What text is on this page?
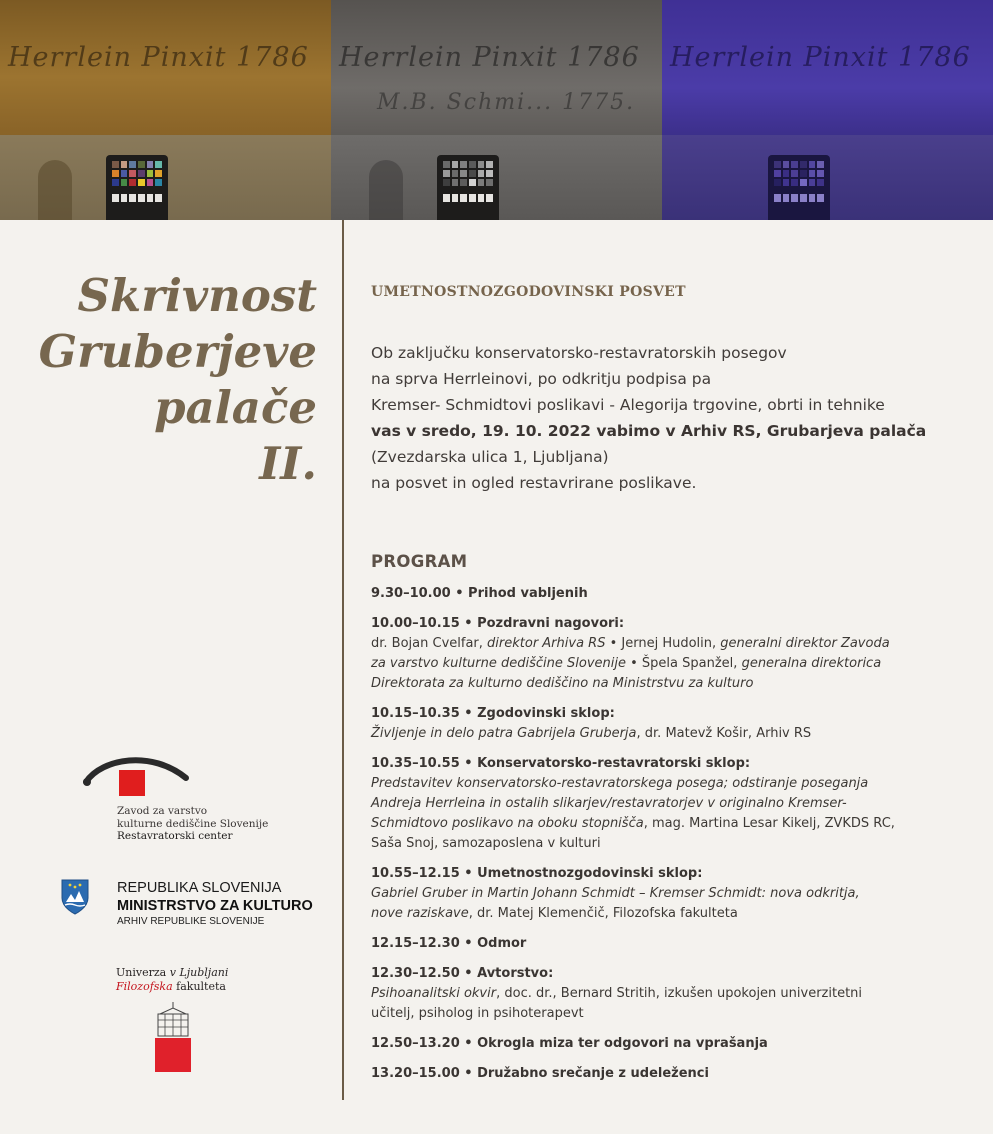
Herrlein Pinxit 1786 Herrlein Pinxit 1786
M.B. Schmi... 1775.
Herrlein Pinxit 1786
Skrivnost
Gruberjeve
palače
II.
Zavod za varstvo
kulturne dediščine Slovenije
Restavratorski center
REPUBLIKA SLOVENIJA
MINISTRSTVO ZA KULTURO
ARHIV REPUBLIKE SLOVENIJE
Univerza v Ljubljani
Filozofska fakulteta
UMETNOSTNOZGODOVINSKI POSVET
Ob zaključku konservatorsko-restavratorskih posegov
na sprva Herrleinovi, po odkritju podpisa pa
Kremser- Schmidtovi poslikavi - Alegorija trgovine, obrti in tehnike
vas v sredo, 19. 10. 2022 vabimo v Arhiv RS, Grubarjeva palača
(Zvezdarska ulica 1, Ljubljana)
na posvet in ogled restavrirane poslikave.
PROGRAM
9.30–10.00 • Prihod vabljenih
10.00–10.15 • Pozdravni nagovori:
dr. Bojan Cvelfar, direktor Arhiva RS • Jernej Hudolin, generalni direktor Zavoda
za varstvo kulturne dediščine Slovenije • Špela Spanžel, generalna direktorica
Direktorata za kulturno dediščino na Ministrstvu za kulturo
10.15–10.35 • Zgodovinski sklop:
Življenje in delo patra Gabrijela Gruberja, dr. Matevž Košir, Arhiv RS
10.35–10.55 • Konservatorsko-restavratorski sklop:
Predstavitev konservatorsko-restavratorskega posega; odstiranje poseganja
Andreja Herrleina in ostalih slikarjev/restavratorjev v originalno Kremser-
Schmidtovo poslikavo na oboku stopnišča, mag. Martina Lesar Kikelj, ZVKDS RC,
Saša Snoj, samozaposlena v kulturi
10.55–12.15 • Umetnostnozgodovinski sklop:
Gabriel Gruber in Martin Johann Schmidt – Kremser Schmidt: nova odkritja,
nove raziskave, dr. Matej Klemenčič, Filozofska fakulteta
12.15–12.30 • Odmor
12.30–12.50 • Avtorstvo:
Psihoanalitski okvir, doc. dr., Bernard Stritih, izkušen upokojen univerzitetni
učitelj, psiholog in psihoterapevt
12.50–13.20 • Okrogla miza ter odgovori na vprašanja
13.20–15.00 • Družabno srečanje z udeleženci
